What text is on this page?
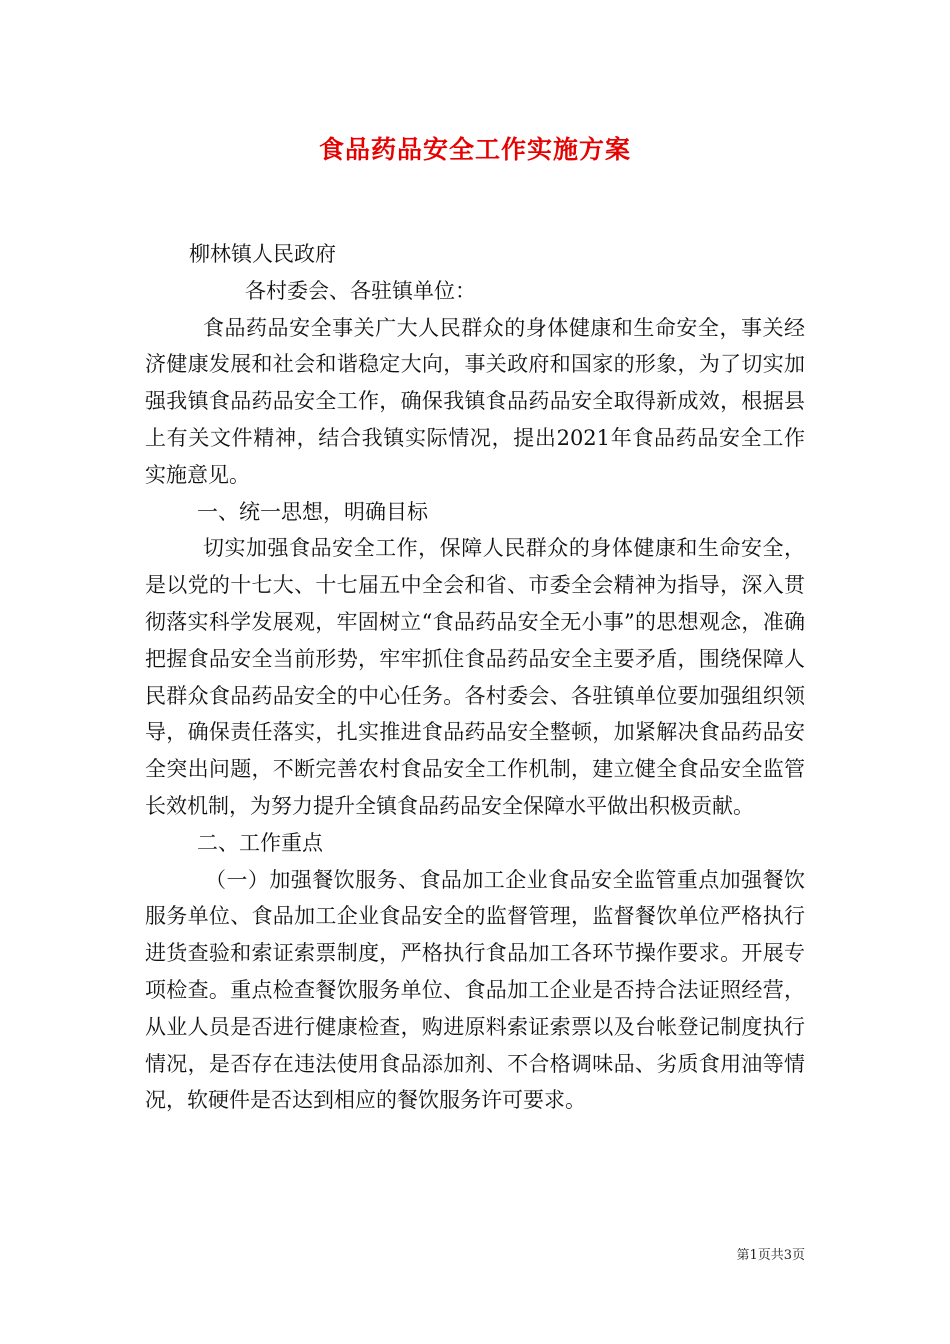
食品药品安全工作实施方案

柳林镇人民政府

各村委会、各驻镇单位：

食品药品安全事关广大人民群众的身体健康和生命安全，事关经济健康发展和社会和谐稳定大向，事关政府和国家的形象，为了切实加强我镇食品药品安全工作，确保我镇食品药品安全取得新成效，根据县上有关文件精神，结合我镇实际情况，提出2021年食品药品安全工作实施意见。

一、统一思想，明确目标

切实加强食品安全工作，保障人民群众的身体健康和生命安全，是以党的十七大、十七届五中全会和省、市委全会精神为指导，深入贯彻落实科学发展观，牢固树立“食品药品安全无小事”的思想观念，准确把握食品安全当前形势，牢牢抓住食品药品安全主要矛盾，围绕保障人民群众食品药品安全的中心任务。各村委会、各驻镇单位要加强组织领导，确保责任落实，扎实推进食品药品安全整顿，加紧解决食品药品安全突出问题，不断完善农村食品安全工作机制，建立健全食品安全监管长效机制，为努力提升全镇食品药品安全保障水平做出积极贡献。

二、工作重点

（一）加强餐饮服务、食品加工企业食品安全监管重点加强餐饮服务单位、食品加工企业食品安全的监督管理，监督餐饮单位严格执行进货查验和索证索票制度，严格执行食品加工各环节操作要求。开展专项检查。重点检查餐饮服务单位、食品加工企业是否持合法证照经营，从业人员是否进行健康检查，购进原料索证索票以及台帐登记制度执行情况，是否存在违法使用食品添加剂、不合格调味品、劣质食用油等情况，软硬件是否达到相应的餐饮服务许可要求。

第1页共3页
